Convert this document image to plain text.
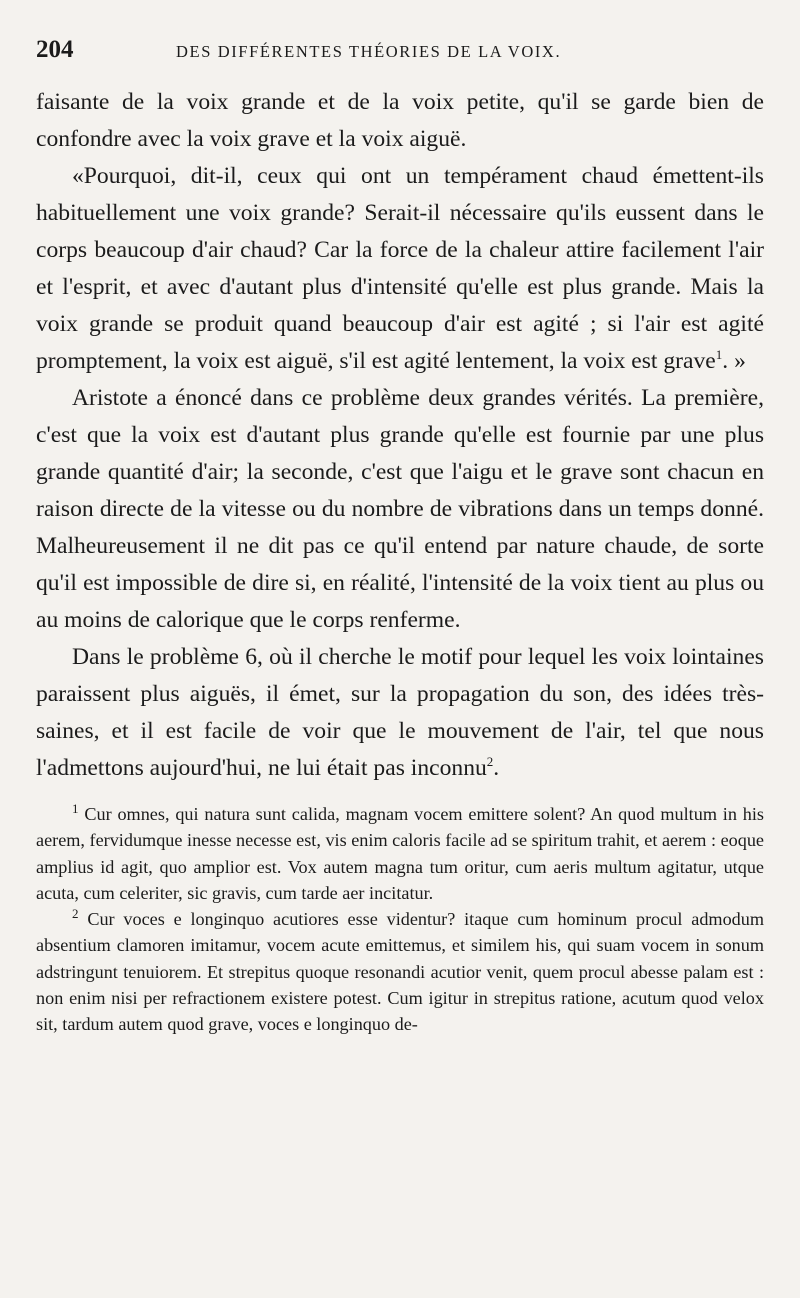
204	DES DIFFÉRENTES THÉORIES DE LA VOIX.

faisante de la voix grande et de la voix petite, qu'il se garde bien de confondre avec la voix grave et la voix aiguë.

«Pourquoi, dit-il, ceux qui ont un tempérament chaud émettent-ils habituellement une voix grande? Serait-il nécessaire qu'ils eussent dans le corps beaucoup d'air chaud? Car la force de la chaleur attire facilement l'air et l'esprit, et avec d'autant plus d'intensité qu'elle est plus grande. Mais la voix grande se produit quand beaucoup d'air est agité ; si l'air est agité promptement, la voix est aiguë, s'il est agité lentement, la voix est grave$^1$. »

Aristote a énoncé dans ce problème deux grandes vérités. La première, c'est que la voix est d'autant plus grande qu'elle est fournie par une plus grande quantité d'air; la seconde, c'est que l'aigu et le grave sont chacun en raison directe de la vitesse ou du nombre de vibrations dans un temps donné. Malheureusement il ne dit pas ce qu'il entend par nature chaude, de sorte qu'il est impossible de dire si, en réalité, l'intensité de la voix tient au plus ou au moins de calorique que le corps renferme.

Dans le problème 6, où il cherche le motif pour lequel les voix lointaines paraissent plus aiguës, il émet, sur la propagation du son, des idées très-saines, et il est facile de voir que le mouvement de l'air, tel que nous l'admettons aujourd'hui, ne lui était pas inconnu$^2$.

$^1$ Cur omnes, qui natura sunt calida, magnam vocem emittere solent? An quod multum in his aerem, fervidumque inesse necesse est, vis enim caloris facile ad se spiritum trahit, et aerem : eoque amplius id agit, quo amplior est. Vox autem magna tum oritur, cum aeris multum agitatur, utque acuta, cum celeriter, sic gravis, cum tarde aer incitatur.

$^2$ Cur voces e longinquo acutiores esse videntur? itaque cum hominum procul admodum absentium clamoren imitamur, vocem acute emittemus, et similem his, qui suam vocem in sonum adstringunt tenuiorem. Et strepitus quoque resonandi acutior venit, quem procul abesse palam est : non enim nisi per refractionem existere potest. Cum igitur in strepitus ratione, acutum quod velox sit, tardum autem quod grave, voces e longinquo de-
